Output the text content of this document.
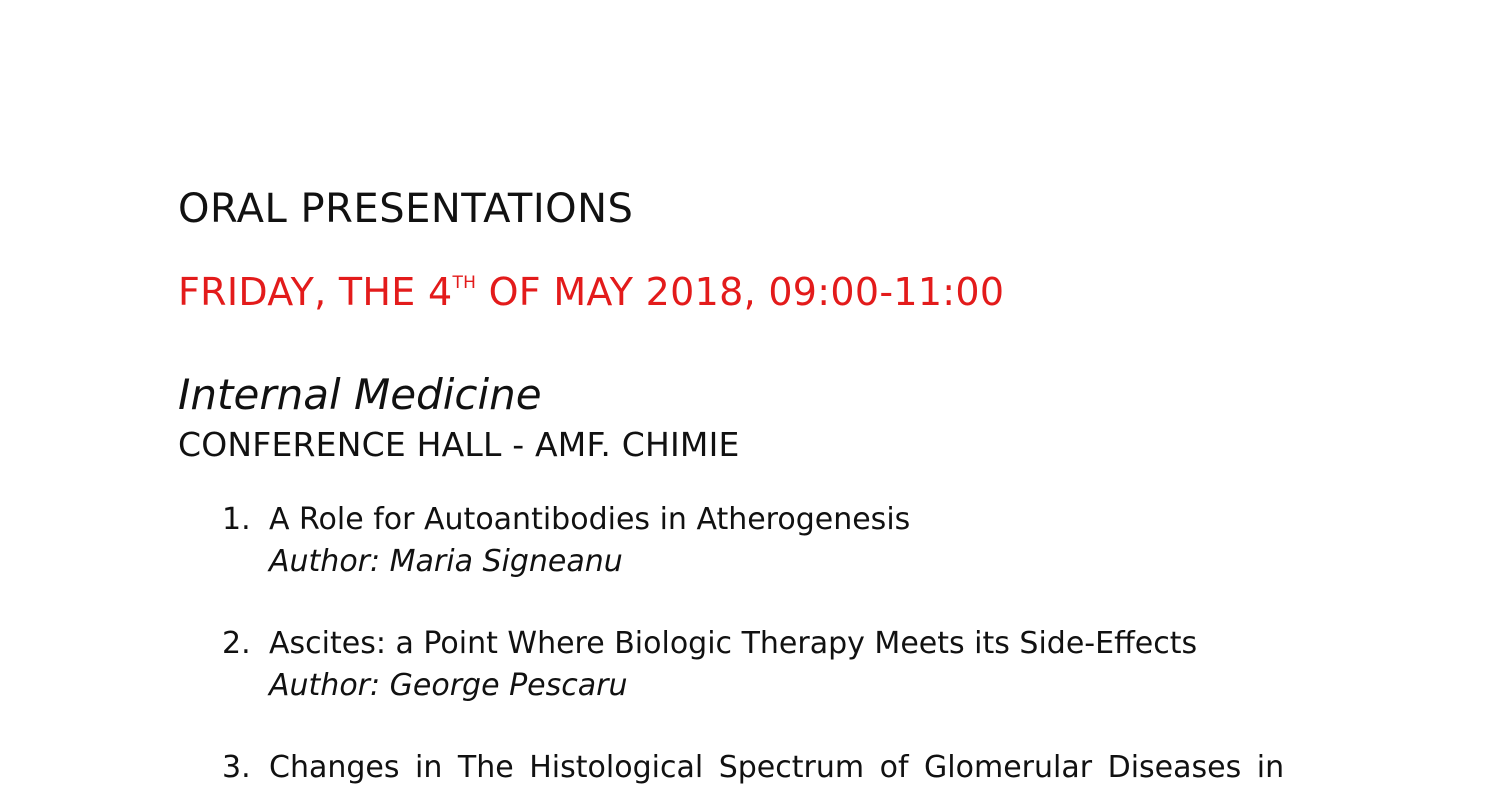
ORAL PRESENTATIONS
FRIDAY, THE 4TH OF MAY 2018, 09:00-11:00
Internal Medicine
CONFERENCE HALL - AMF. CHIMIE
1. A Role for Autoantibodies in Atherogenesis
Author: Maria Signeanu
2. Ascites: a Point Where Biologic Therapy Meets its Side-Effects
Author: George Pescaru
3. Changes in The Histological Spectrum of Glomerular Diseases in
